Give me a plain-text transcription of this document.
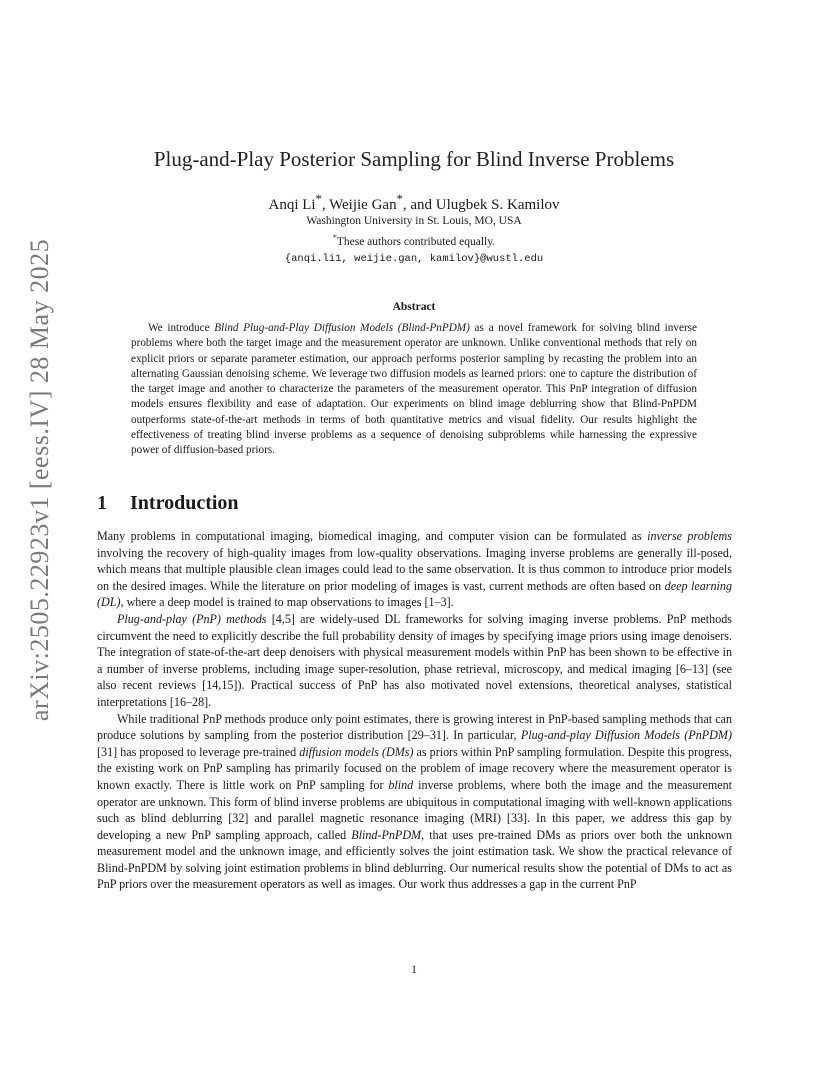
arXiv:2505.22923v1 [eess.IV] 28 May 2025
Plug-and-Play Posterior Sampling for Blind Inverse Problems
Anqi Li*, Weijie Gan*, and Ulugbek S. Kamilov
Washington University in St. Louis, MO, USA
*These authors contributed equally.
{anqi.li1, weijie.gan, kamilov}@wustl.edu
Abstract
We introduce Blind Plug-and-Play Diffusion Models (Blind-PnPDM) as a novel framework for solving blind inverse problems where both the target image and the measurement operator are unknown. Unlike conventional methods that rely on explicit priors or separate parameter estimation, our approach performs posterior sampling by recasting the problem into an alternating Gaussian denoising scheme. We leverage two diffusion models as learned priors: one to capture the distribution of the target image and another to characterize the parameters of the measurement operator. This PnP integration of diffusion models ensures flexibility and ease of adaptation. Our experiments on blind image deblurring show that Blind-PnPDM outperforms state-of-the-art methods in terms of both quantitative metrics and visual fidelity. Our results highlight the effectiveness of treating blind inverse problems as a sequence of denoising subproblems while harnessing the expressive power of diffusion-based priors.
1 Introduction

Many problems in computational imaging, biomedical imaging, and computer vision can be formulated as inverse problems involving the recovery of high-quality images from low-quality observations. Imaging inverse problems are generally ill-posed, which means that multiple plausible clean images could lead to the same observation. It is thus common to introduce prior models on the desired images. While the literature on prior modeling of images is vast, current methods are often based on deep learning (DL), where a deep model is trained to map observations to images [1–3].

Plug-and-play (PnP) methods [4,5] are widely-used DL frameworks for solving imaging inverse problems. PnP methods circumvent the need to explicitly describe the full probability density of images by specifying image priors using image denoisers. The integration of state-of-the-art deep denoisers with physical measurement models within PnP has been shown to be effective in a number of inverse problems, including image super-resolution, phase retrieval, microscopy, and medical imaging [6–13] (see also recent reviews [14,15]). Practical success of PnP has also motivated novel extensions, theoretical analyses, statistical interpretations [16–28].

While traditional PnP methods produce only point estimates, there is growing interest in PnP-based sampling methods that can produce solutions by sampling from the posterior distribution [29–31]. In particular, Plug-and-play Diffusion Models (PnPDM) [31] has proposed to leverage pre-trained diffusion models (DMs) as priors within PnP sampling formulation. Despite this progress, the existing work on PnP sampling has primarily focused on the problem of image recovery where the measurement operator is known exactly. There is little work on PnP sampling for blind inverse problems, where both the image and the measurement operator are unknown. This form of blind inverse problems are ubiquitous in computational imaging with well-known applications such as blind deblurring [32] and parallel magnetic resonance imaging (MRI) [33]. In this paper, we address this gap by developing a new PnP sampling approach, called Blind-PnPDM, that uses pre-trained DMs as priors over both the unknown measurement model and the unknown image, and efficiently solves the joint estimation task. We show the practical relevance of Blind-PnPDM by solving joint estimation problems in blind deblurring. Our numerical results show the potential of DMs to act as PnP priors over the measurement operators as well as images. Our work thus addresses a gap in the current PnP

1
